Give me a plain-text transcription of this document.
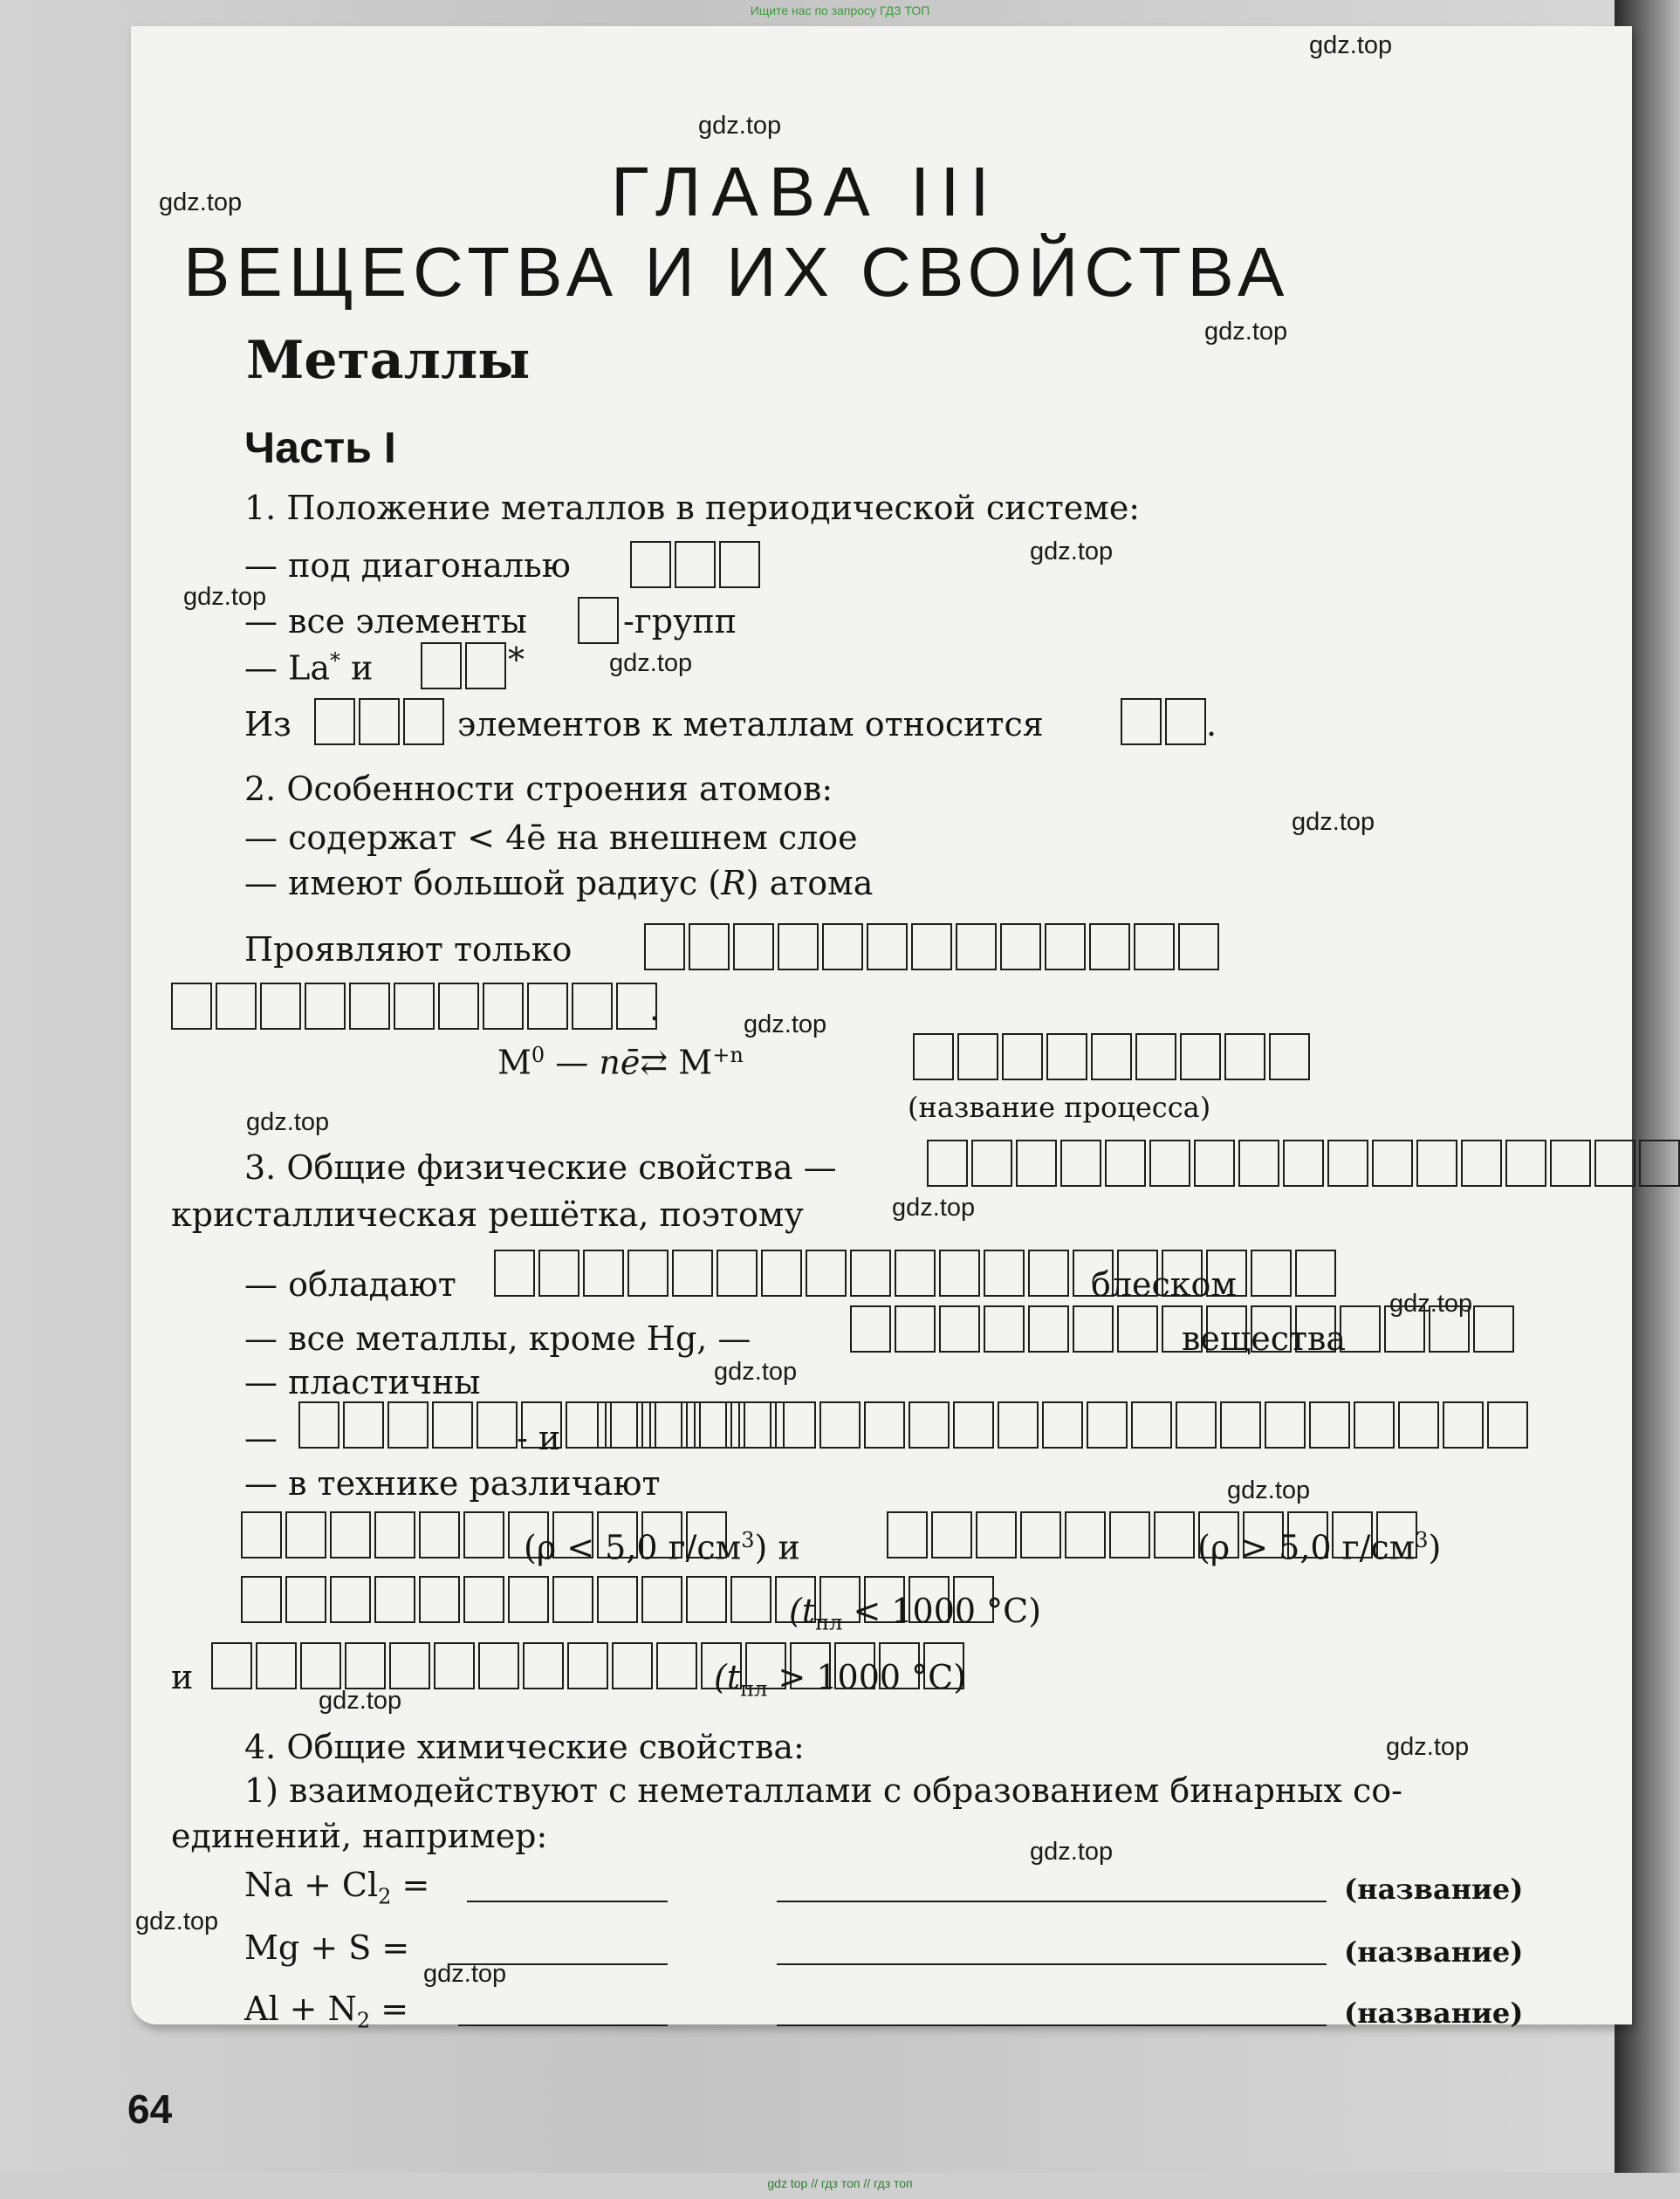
Ищите нас по запросу ГДЗ ТОП
gdz top // гдз топ // гдз топ
gdz.top
gdz.top
gdz.top
gdz.top
gdz.top
gdz.top
gdz.top
gdz.top
gdz.top
gdz.top
gdz.top
gdz.top
gdz.top
gdz.top
gdz.top
gdz.top
gdz.top
gdz.top
gdz.top
ГЛАВА III
ВЕЩЕСТВА И ИХ СВОЙСТВА
Металлы
Часть I
1. Положение металлов в периодической системе:
— под диагональю
— все элементы	-групп
— La* и	*
Из	элементов к металлам относится	.
2. Особенности строения атомов:
— содержат < 4ē на внешнем слое
— имеют большой радиус (R) атома
Проявляют только
.
$M^0$ — nē⇄ $M^{+n}$
(название процесса)
3. Общие физические свойства —
кристаллическая решётка, поэтому
— обладают	блеском
— все металлы, кроме Hg, —	вещества
— пластичны
—	- и
— в технике различают
(ρ < 5,0 $г/см^3$) и	(ρ > 5,0 $г/см^3$)
($t_{пл} < 1000$ °С)
и	($t_{пл} > 1000$ °С)
4. Общие химические свойства:
1) взаимодействуют с неметаллами с образованием бинарных со-
единений, например:
$Na + Cl_2$ =	(название)
Mg + S =	(название)
$Al + N_2$ =	(название)
64
